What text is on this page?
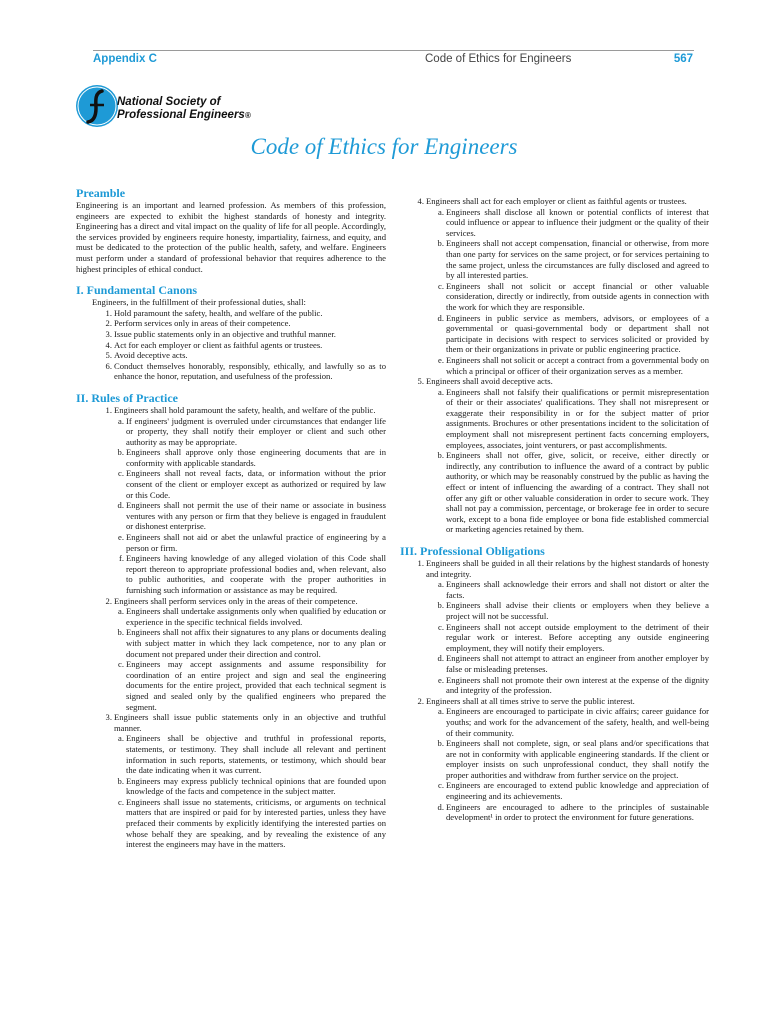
Appendix C	Code of Ethics for Engineers	567
National Society of
Professional Engineers®
Code of Ethics for Engineers

Preamble

Engineering is an important and learned profession. As members of this profession, engineers are expected to exhibit the highest standards of honesty and integrity. Engineering has a direct and vital impact on the quality of life for all people. Accordingly, the services provided by engineers require honesty, impartiality, fairness, and equity, and must be dedicated to the protection of the public health, safety, and welfare. Engineers must perform under a standard of professional behavior that requires adherence to the highest principles of ethical conduct.

I. Fundamental Canons

Engineers, in the fulfillment of their professional duties, shall:

1. Hold paramount the safety, health, and welfare of the public.
2. Perform services only in areas of their competence.
3. Issue public statements only in an objective and truthful manner.
4. Act for each employer or client as faithful agents or trustees.
5. Avoid deceptive acts.
6. Conduct themselves honorably, responsibly, ethically, and lawfully so as to enhance the honor, reputation, and usefulness of the profession.

II. Rules of Practice

1. Engineers shall hold paramount the safety, health, and welfare of the public.
a. If engineers' judgment is overruled under circumstances that endanger life or property, they shall notify their employer or client and such other authority as may be appropriate.
b. Engineers shall approve only those engineering documents that are in conformity with applicable standards.
c. Engineers shall not reveal facts, data, or information without the prior consent of the client or employer except as authorized or required by law or this Code.
d. Engineers shall not permit the use of their name or associate in business ventures with any person or firm that they believe is engaged in fraudulent or dishonest enterprise.
e. Engineers shall not aid or abet the unlawful practice of engineering by a person or firm.
f. Engineers having knowledge of any alleged violation of this Code shall report thereon to appropriate professional bodies and, when relevant, also to public authorities, and cooperate with the proper authorities in furnishing such information or assistance as may be required.
2. Engineers shall perform services only in the areas of their competence.
a. Engineers shall undertake assignments only when qualified by education or experience in the specific technical fields involved.
b. Engineers shall not affix their signatures to any plans or documents dealing with subject matter in which they lack competence, nor to any plan or document not prepared under their direction and control.
c. Engineers may accept assignments and assume responsibility for coordination of an entire project and sign and seal the engineering documents for the entire project, provided that each technical segment is signed and sealed only by the qualified engineers who prepared the segment.
3. Engineers shall issue public statements only in an objective and truthful manner.
a. Engineers shall be objective and truthful in professional reports, statements, or testimony. They shall include all relevant and pertinent information in such reports, statements, or testimony, which should bear the date indicating when it was current.
b. Engineers may express publicly technical opinions that are founded upon knowledge of the facts and competence in the subject matter.
c. Engineers shall issue no statements, criticisms, or arguments on technical matters that are inspired or paid for by interested parties, unless they have prefaced their comments by explicitly identifying the interested parties on whose behalf they are speaking, and by revealing the existence of any interest the engineers may have in the matters.
4. Engineers shall act for each employer or client as faithful agents or trustees.
a. Engineers shall disclose all known or potential conflicts of interest that could influence or appear to influence their judgment or the quality of their services.
b. Engineers shall not accept compensation, financial or otherwise, from more than one party for services on the same project, or for services pertaining to the same project, unless the circumstances are fully disclosed and agreed to by all interested parties.
c. Engineers shall not solicit or accept financial or other valuable consideration, directly or indirectly, from outside agents in connection with the work for which they are responsible.
d. Engineers in public service as members, advisors, or employees of a governmental or quasi-governmental body or department shall not participate in decisions with respect to services solicited or provided by them or their organizations in private or public engineering practice.
e. Engineers shall not solicit or accept a contract from a governmental body on which a principal or officer of their organization serves as a member.
5. Engineers shall avoid deceptive acts.
a. Engineers shall not falsify their qualifications or permit misrepresentation of their or their associates' qualifications. They shall not misrepresent or exaggerate their responsibility in or for the subject matter of prior assignments. Brochures or other presentations incident to the solicitation of employment shall not misrepresent pertinent facts concerning employers, employees, associates, joint venturers, or past accomplishments.
b. Engineers shall not offer, give, solicit, or receive, either directly or indirectly, any contribution to influence the award of a contract by public authority, or which may be reasonably construed by the public as having the effect or intent of influencing the awarding of a contract. They shall not offer any gift or other valuable consideration in order to secure work. They shall not pay a commission, percentage, or brokerage fee in order to secure work, except to a bona fide employee or bona fide established commercial or marketing agencies retained by them.

III. Professional Obligations

1. Engineers shall be guided in all their relations by the highest standards of honesty and integrity.
a. Engineers shall acknowledge their errors and shall not distort or alter the facts.
b. Engineers shall advise their clients or employers when they believe a project will not be successful.
c. Engineers shall not accept outside employment to the detriment of their regular work or interest. Before accepting any outside engineering employment, they will notify their employers.
d. Engineers shall not attempt to attract an engineer from another employer by false or misleading pretenses.
e. Engineers shall not promote their own interest at the expense of the dignity and integrity of the profession.
2. Engineers shall at all times strive to serve the public interest.
a. Engineers are encouraged to participate in civic affairs; career guidance for youths; and work for the advancement of the safety, health, and well-being of their community.
b. Engineers shall not complete, sign, or seal plans and/or specifications that are not in conformity with applicable engineering standards. If the client or employer insists on such unprofessional conduct, they shall notify the proper authorities and withdraw from further service on the project.
c. Engineers are encouraged to extend public knowledge and appreciation of engineering and its achievements.
d. Engineers are encouraged to adhere to the principles of sustainable development¹ in order to protect the environment for future generations.
